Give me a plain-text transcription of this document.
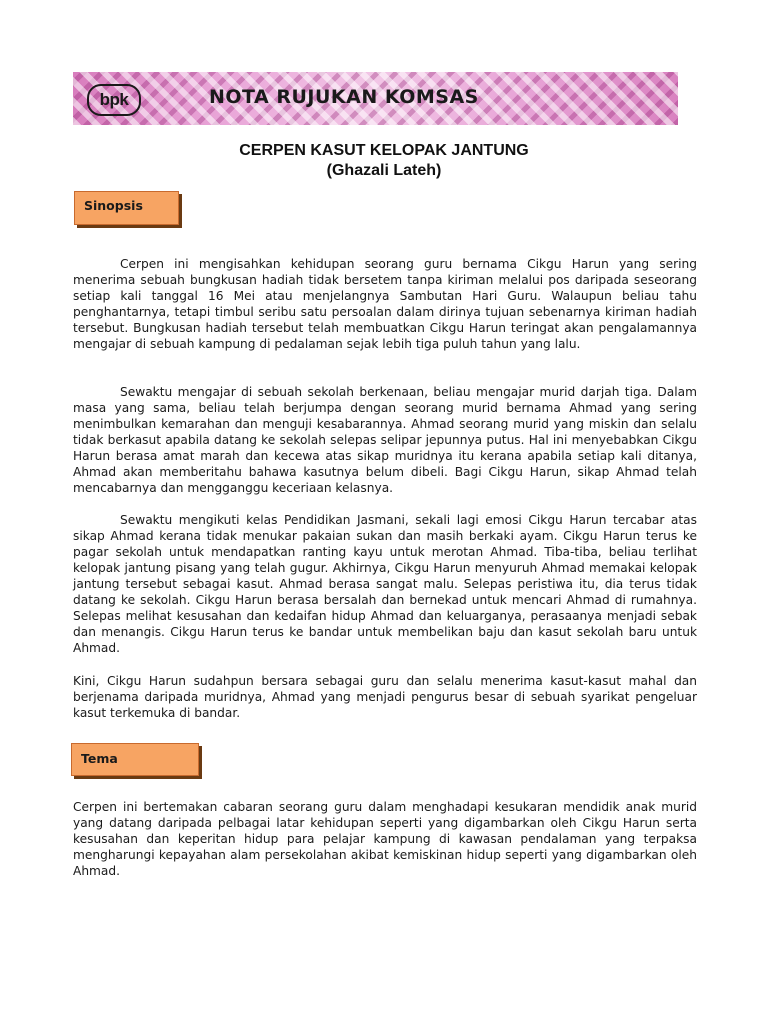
bpk	NOTA RUJUKAN KOMSAS
CERPEN KASUT KELOPAK JANTUNG
(Ghazali Lateh)
Sinopsis

Cerpen ini mengisahkan kehidupan seorang guru bernama Cikgu Harun yang sering menerima sebuah bungkusan hadiah tidak bersetem tanpa kiriman melalui pos daripada seseorang setiap kali tanggal 16 Mei atau menjelangnya Sambutan Hari Guru. Walaupun beliau tahu penghantarnya, tetapi timbul seribu satu persoalan dalam dirinya tujuan sebenarnya kiriman hadiah tersebut. Bungkusan hadiah tersebut telah membuatkan Cikgu Harun teringat akan pengalamannya mengajar di sebuah kampung di pedalaman sejak lebih tiga puluh tahun yang lalu.

Sewaktu mengajar di sebuah sekolah berkenaan, beliau mengajar murid darjah tiga. Dalam masa yang sama, beliau telah berjumpa dengan seorang murid bernama Ahmad yang sering menimbulkan kemarahan dan menguji kesabarannya. Ahmad seorang murid yang miskin dan selalu tidak berkasut apabila datang ke sekolah selepas selipar jepunnya putus. Hal ini menyebabkan Cikgu Harun berasa amat marah dan kecewa atas sikap muridnya itu kerana apabila setiap kali ditanya, Ahmad akan memberitahu bahawa kasutnya belum dibeli. Bagi Cikgu Harun, sikap Ahmad telah mencabarnya dan mengganggu keceriaan kelasnya.

Sewaktu mengikuti kelas Pendidikan Jasmani, sekali lagi emosi Cikgu Harun tercabar atas sikap Ahmad kerana tidak menukar pakaian sukan dan masih berkaki ayam. Cikgu Harun terus ke pagar sekolah untuk mendapatkan ranting kayu untuk merotan Ahmad. Tiba-tiba, beliau terlihat kelopak jantung pisang yang telah gugur. Akhirnya, Cikgu Harun menyuruh Ahmad memakai kelopak jantung tersebut sebagai kasut. Ahmad berasa sangat malu. Selepas peristiwa itu, dia terus tidak datang ke sekolah. Cikgu Harun berasa bersalah dan bernekad untuk mencari Ahmad di rumahnya. Selepas melihat kesusahan dan kedaifan hidup Ahmad dan keluarganya, perasaanya menjadi sebak dan menangis. Cikgu Harun terus ke bandar untuk membelikan baju dan kasut sekolah baru untuk Ahmad.

Kini, Cikgu Harun sudahpun bersara sebagai guru dan selalu menerima kasut-kasut mahal dan berjenama daripada muridnya, Ahmad yang menjadi pengurus besar di sebuah syarikat pengeluar kasut terkemuka di bandar.

Tema

Cerpen ini bertemakan cabaran seorang guru dalam menghadapi kesukaran mendidik anak murid yang datang daripada pelbagai latar kehidupan seperti yang digambarkan oleh Cikgu Harun serta kesusahan dan keperitan hidup para pelajar kampung di kawasan pendalaman yang terpaksa mengharungi kepayahan alam persekolahan akibat kemiskinan hidup seperti yang digambarkan oleh Ahmad.
